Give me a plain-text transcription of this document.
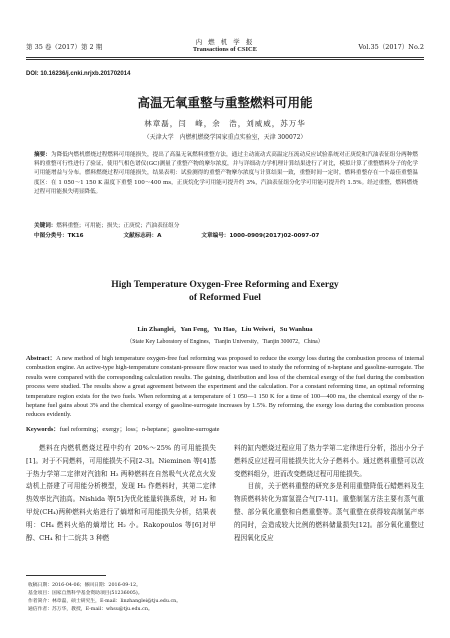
第 35 卷（2017）第 2 期
内 燃 机 学 报
Transactions of CSICE	Vol.35（2017）No.2
DOI: 10.16236/j.cnki.nrjxb.201702014
高温无氧重整与重整燃料可用能
林章磊，闫　峰，余　浩，刘威威，苏万华
（天津大学　内燃机燃烧学国家重点实验室，天津 300072）
摘要：为降低内燃机燃烧过程燃料可用能损失，提出了高温无氧燃料重整方法，通过主动流动式高温定压流动反应试验系统对正庚烷和汽油表征组分两种燃料的重整可行性进行了验证，使用气相色谱仪(GC)测量了重整产物的摩尔浓度，并与详细动力学机理计算结果进行了对比，模拟计算了重整燃料分子的化学可用能增益与分布。燃料燃烧过程可用能损失，结果表明：试验测得的重整产物摩尔浓度与计算结果一致，重整时间一定时，燃料重整存在一个最佳重整温度区：在 1 050～1 150 K 温度下重整 100～400 ms，正庚烷化学可用能可提升约 3%，汽油表征组分化学可用能可提升约 1.5%。经过重整，燃料燃烧过程可用能损失明显降低。
关键词：燃料重整；可用能；损失；正庚烷；汽油表征组分
中图分类号：TK16	文献标志码：A	文章编号：1000-0909(2017)02-0097-07
High Temperature Oxygen-Free Reforming and Exergy
of Reformed Fuel
Lin Zhanglei，Yan Feng，Yu Hao，Liu Weiwei，Su Wanhua
（State Key Laboratory of Engines，Tianjin University，Tianjin 300072，China）
Abstract：A new method of high temperature oxygen-free fuel reforming was proposed to reduce the exergy loss during the combustion process of internal combustion engine. An active-type high-temperature constant-pressure flow reactor was used to study the reforming of n-heptane and gasoline-surrogate. The results were compared with the corresponding calculation results. The gaining, distribution and loss of the chemical exergy of the fuel during the combustion process were studied. The results show a great agreement between the experiment and the calculation. For a constant reforming time, an optimal reforming temperature region exists for the two fuels. When reforming at a temperature of 1 050—1 150 K for a time of 100—400 ms, the chemical exergy of the n-heptane fuel gains about 3% and the chemical exergy of gasoline-surrogate increases by 1.5%. By reforming, the exergy loss during the combustion process reduces evidently.
Keywords：fuel reforming；exergy；loss；n-heptane；gasoline-surrogate
燃料在内燃机燃烧过程中约有 20%～25% 的可用能损失[1]。对于不同燃料，可用能损失不同[2-3]。Nieminen 等[4]基于热力学第二定律对汽油和 H₂ 两种燃料在自然吸气火花点火发动机上搭建了可用能分析模型，发现 H₂ 作燃料时，其第二定律热效率比汽油高。Nishida 等[5]为优化能量转换系统，对 H₂ 和甲烷(CH₄)两种燃料火焰进行了熵增和可用能损失分析，结果表明：CH₄ 燃料火焰的熵增比 H₂ 小。Rakopoulos 等[6]对甲醇、CH₄ 和十二烷共 3 种燃
料的缸内燃烧过程应用了热力学第二定律进行分析，指出小分子燃料反应过程可用能损失比大分子燃料小。通过燃料重整可以改变燃料组分，进而改变燃烧过程可用能损失。
　　目前，关于燃料重整的研究多是利用重整降低石蜡燃料及生物质燃料转化为富氢混合气[7-11]。重整制氢方法主要有蒸气重整、部分氧化重整和自燃重整等。蒸气重整在获得较高制氢产率的同时，会造成较大比例的燃料储量损失[12]。部分氧化重整过程因氧化反应
收稿日期：2016-04-06；修回日期：2016-09-12。
基金项目：国家自然科学基金资助项目(51236005)。
作者简介：林章磊，硕士研究生，E-mail：linzhanglei@tju.edu.cn。
通信作者：苏万华，教授，E-mail：whsu@tju.edu.cn。
